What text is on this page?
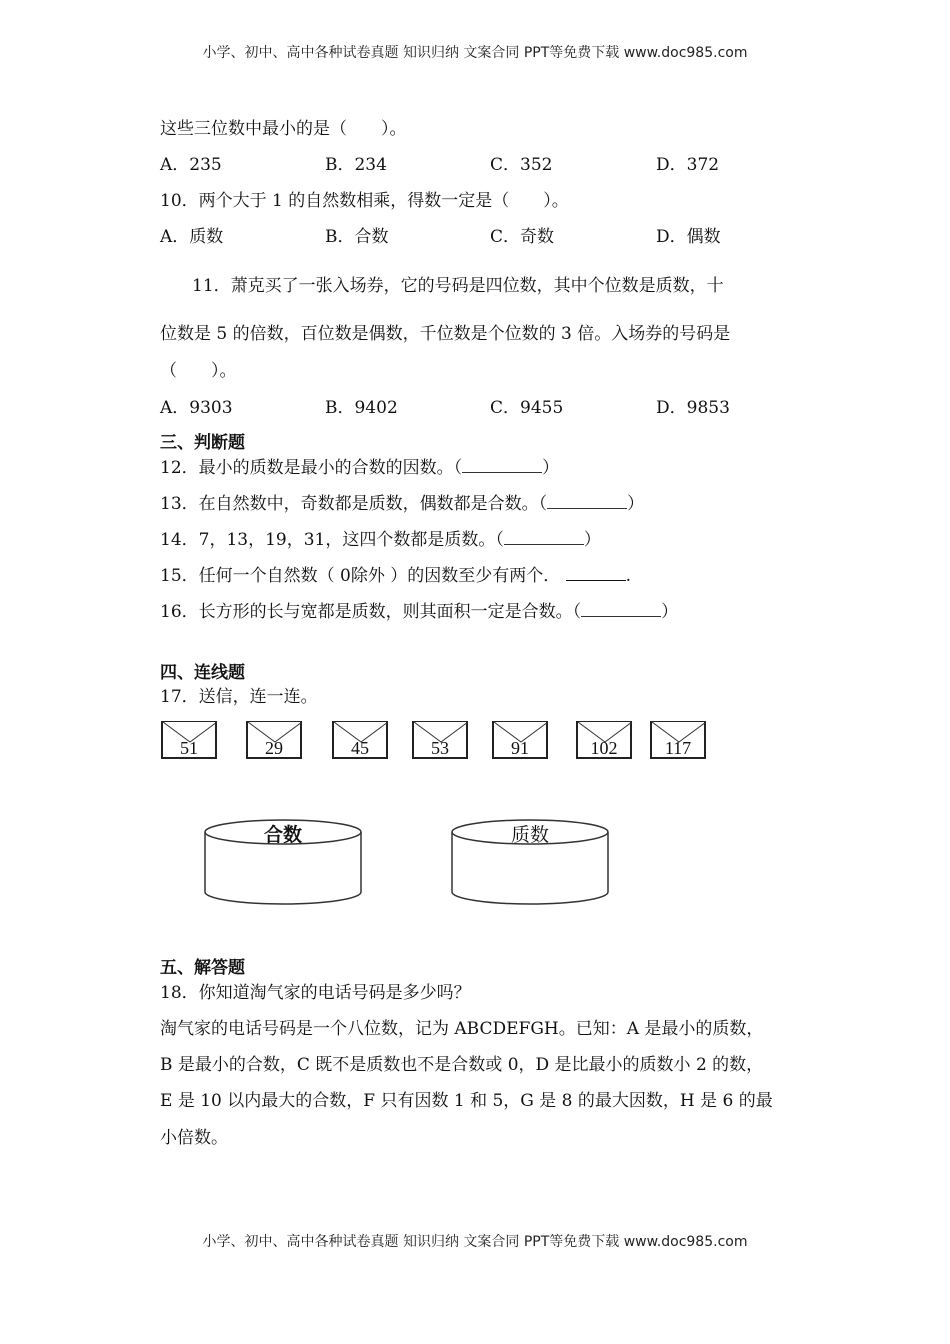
小学、初中、高中各种试卷真题 知识归纳 文案合同 PPT等免费下载 www.doc985.com
这些三位数中最小的是（　　）。
A．235	B．234	C．352	D．372
10．两个大于 1 的自然数相乘，得数一定是（　　）。
A．质数	B．合数	C．奇数	D．偶数
11．萧克买了一张入场券，它的号码是四位数，其中个位数是质数，十
位数是 5 的倍数，百位数是偶数，千位数是个位数的 3 倍。入场券的号码是
（　　）。
A．9303	B．9402	C．9455	D．9853
三、判断题
12．最小的质数是最小的合数的因数。（	）
13．在自然数中，奇数都是质数，偶数都是合数。（	）
14．7，13，19，31，这四个数都是质数。（	）
15．任何一个自然数（ 0除外 ）的因数至少有两个．	.
16．长方形的长与宽都是质数，则其面积一定是合数。（	）
四、连线题
17．送信，连一连。
51	29	45	53	91	102	117
合数	质数
五、解答题
18．你知道淘气家的电话号码是多少吗？
淘气家的电话号码是一个八位数，记为 ABCDEFGH。已知：A 是最小的质数，
B 是最小的合数，C 既不是质数也不是合数或 0，D 是比最小的质数小 2 的数，
E 是 10 以内最大的合数，F 只有因数 1 和 5，G 是 8 的最大因数，H 是 6 的最
小倍数。
小学、初中、高中各种试卷真题 知识归纳 文案合同 PPT等免费下载 www.doc985.com
